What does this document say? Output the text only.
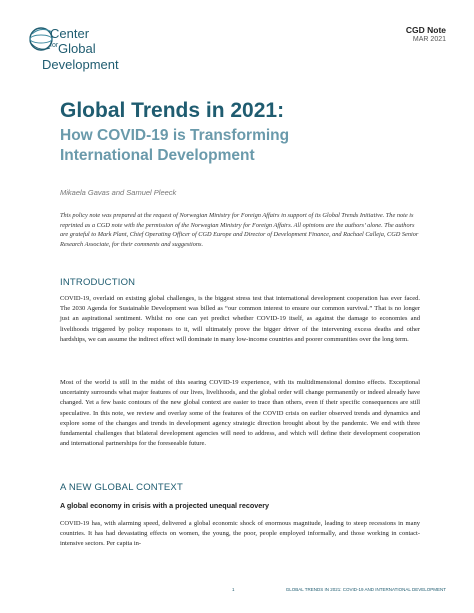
Center
for Global
Development
CGD Note
MAR 2021
Global Trends in 2021:
How COVID-19 is Transforming
International Development
Mikaela Gavas and Samuel Pleeck
This policy note was prepared at the request of Norwegian Ministry for Foreign Affairs in support of its Global Trends Initiative. The note is reprinted as a CGD note with the permission of the Norwegian Ministry for Foreign Affairs. All opinions are the authors’ alone. The authors are grateful to Mark Plant, Chief Operating Officer of CGD Europe and Director of Development Finance, and Rachael Calleja, CGD Senior Research Associate, for their comments and suggestions.
INTRODUCTION
COVID-19, overlaid on existing global challenges, is the biggest stress test that international development cooperation has ever faced. The 2030 Agenda for Sustainable Development was billed as “our common interest to ensure our common survival.” That is no longer just an aspirational sentiment. Whilst no one can yet predict whether COVID-19 itself, as against the damage to economies and livelihoods triggered by policy responses to it, will ultimately prove the bigger driver of the intervening excess deaths and other hardships, we can assume the indirect effect will dominate in many low-income countries and poorer communities over the long term.
Most of the world is still in the midst of this searing COVID-19 experience, with its multidimensional domino effects. Exceptional uncertainty surrounds what major features of our lives, livelihoods, and the global order will change permanently or indeed already have changed. Yet a few basic contours of the new global context are easier to trace than others, even if their specific consequences are still speculative. In this note, we review and overlay some of the features of the COVID crisis on earlier observed trends and dynamics and explore some of the changes and trends in development agency strategic direction brought about by the pandemic. We end with three fundamental challenges that bilateral development agencies will need to address, and which will define their development cooperation and international partnerships for the foreseeable future.
A NEW GLOBAL CONTEXT
A global economy in crisis with a projected unequal recovery
COVID-19 has, with alarming speed, delivered a global economic shock of enormous magnitude, leading to steep recessions in many countries. It has had devastating effects on women, the young, the poor, people employed informally, and those working in contact-intensive sectors. Per capita in-
1	GLOBAL TRENDS IN 2021: COVID-19 AND INTERNATIONAL DEVELOPMENT
